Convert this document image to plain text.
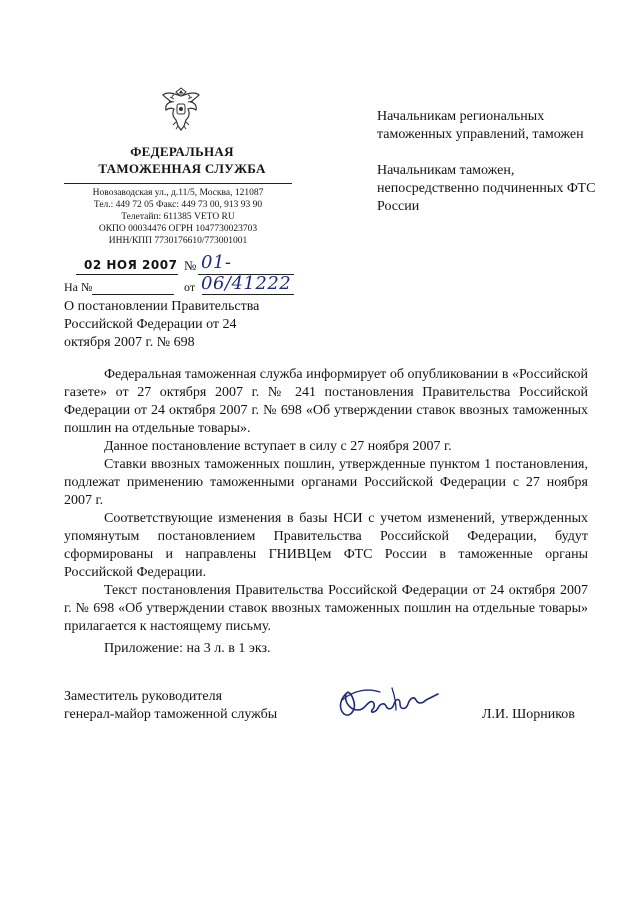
ФЕДЕРАЛЬНАЯ
ТАМОЖЕННАЯ СЛУЖБА
Новозаводская ул., д.11/5, Москва, 121087
Тел.: 449 72 05 Факс: 449 73 00, 913 93 90
Телетайп: 611385 VETO RU
ОКПО 00034476 ОГРН 1047730023703
ИНН/КПП 7730176610/773001001
02 НОЯ 2007 № 01-06/41222
На №	от
О постановлении Правительства
Российской Федерации от 24
октября 2007 г. № 698

Начальникам региональных таможенных управлений, таможен

Начальникам таможен, непосредственно подчиненных ФТС России

Федеральная таможенная служба информирует об опубликовании в «Российской газете» от 27 октября 2007 г. № 241 постановления Правительства Российской Федерации от 24 октября 2007 г. № 698 «Об утверждении ставок ввозных таможенных пошлин на отдельные товары».

Данное постановление вступает в силу с 27 ноября 2007 г.

Ставки ввозных таможенных пошлин, утвержденные пунктом 1 постановления, подлежат применению таможенными органами Российской Федерации с 27 ноября 2007 г.

Соответствующие изменения в базы НСИ с учетом изменений, утвержденных упомянутым постановлением Правительства Российской Федерации, будут сформированы и направлены ГНИВЦем ФТС России в таможенные органы Российской Федерации.

Текст постановления Правительства Российской Федерации от 24 октября 2007 г. № 698 «Об утверждении ставок ввозных таможенных пошлин на отдельные товары» прилагается к настоящему письму.

Приложение: на 3 л. в 1 экз.
Заместитель руководителя
генерал-майор таможенной службы	Л.И. Шорников
